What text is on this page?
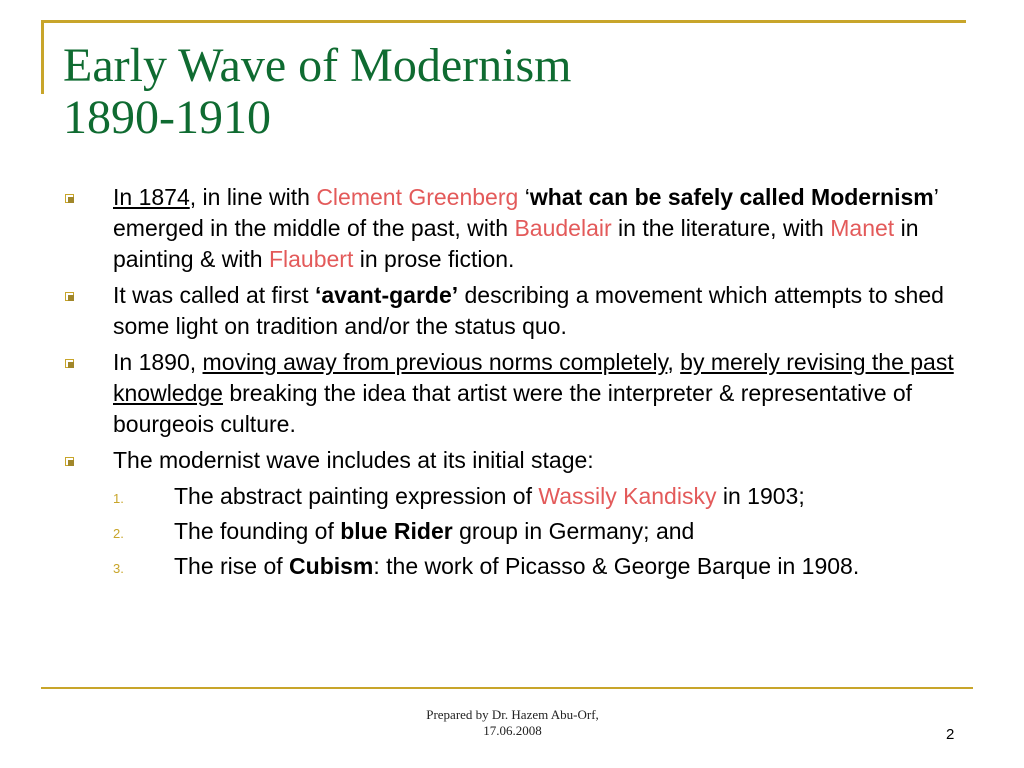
Early Wave of Modernism
1890-1910
In 1874, in line with Clement Greenberg ‘what can be safely called Modernism’ emerged in the middle of the past, with Baudelair in the literature, with Manet in painting & with Flaubert in prose fiction.
It was called at first ‘avant-garde’ describing a movement which attempts to shed some light on tradition and/or the status quo.
In 1890, moving away from previous norms completely, by merely revising the past knowledge breaking the idea that artist were the interpreter & representative of bourgeois culture.
The modernist wave includes at its initial stage:
1. The abstract painting expression of Wassily Kandisky in 1903;
2. The founding of blue Rider group in Germany; and
3. The rise of Cubism: the work of Picasso & George Barque in 1908.
Prepared by Dr. Hazem Abu-Orf,
17.06.2008	2
